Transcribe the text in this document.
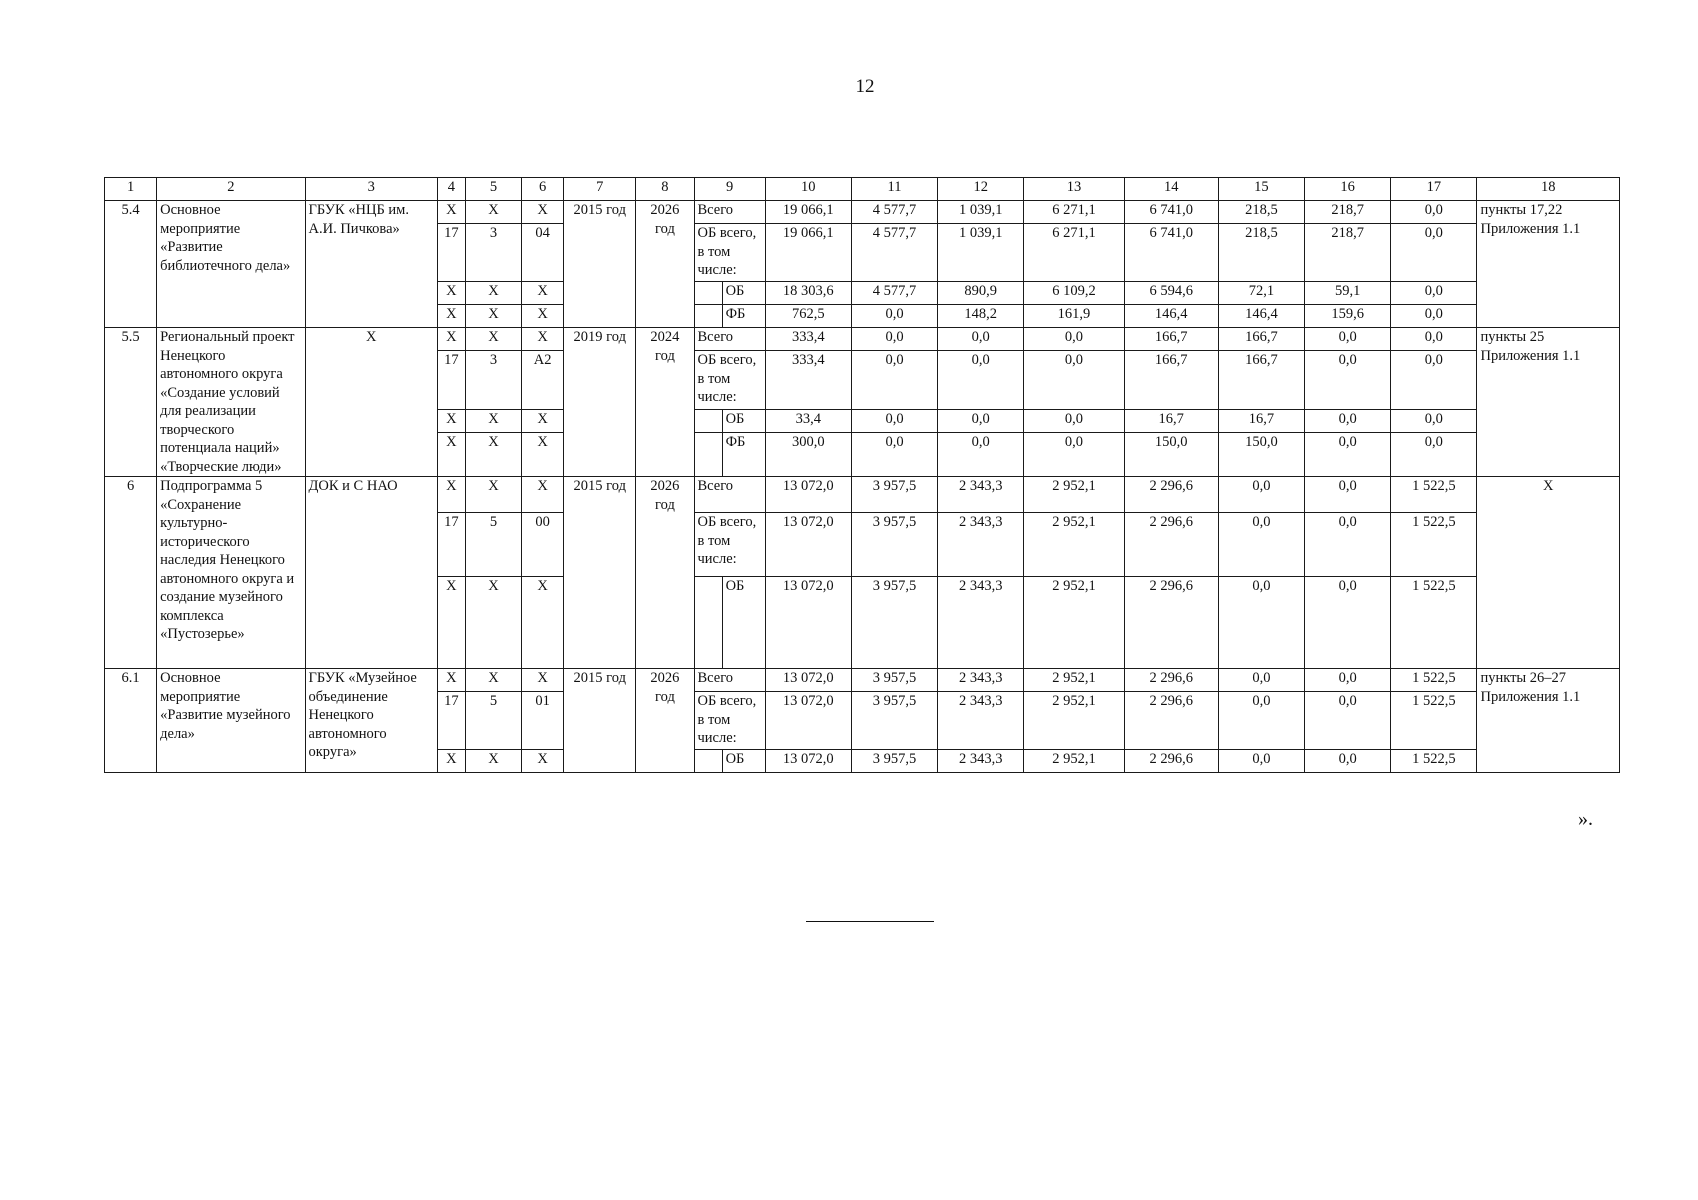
12
1	2	3	4	5	6	7	8	9		10	11	12	13	14	15	16	17	18
5.4	Основное мероприятие «Развитие библиотечного дела»	ГБУК «НЦБ им. А.И. Пичкова»	Х	Х	Х	2015 год	2026 год	Всего		19 066,1	4 577,7	1 039,1	6 271,1	6 741,0	218,5	218,7	0,0	пункты 17,22 Приложения 1.1
			17	3	04			ОБ всего, в том числе:		19 066,1	4 577,7	1 039,1	6 271,1	6 741,0	218,5	218,7	0,0	
			Х	Х	Х				ОБ	18 303,6	4 577,7	890,9	6 109,2	6 594,6	72,1	59,1	0,0	
			Х	Х	Х				ФБ	762,5	0,0	148,2	161,9	146,4	146,4	159,6	0,0	
5.5	Региональный проект Ненецкого автономного округа «Создание условий для реализации творческого потенциала наций» «Творческие люди»	Х	Х	Х	Х	2019 год	2024 год	Всего		333,4	0,0	0,0	0,0	166,7	166,7	0,0	0,0	пункты 25 Приложения 1.1
			17	3	А2			ОБ всего, в том числе:		333,4	0,0	0,0	0,0	166,7	166,7	0,0	0,0	
			Х	Х	Х				ОБ	33,4	0,0	0,0	0,0	16,7	16,7	0,0	0,0	
			Х	Х	Х				ФБ	300,0	0,0	0,0	0,0	150,0	150,0	0,0	0,0	
6	Подпрограмма 5 «Сохранение культурно-исторического наследия Ненецкого автономного округа и создание музейного комплекса «Пустозерье»	ДОК и С НАО	Х	Х	Х	2015 год	2026 год	Всего		13 072,0	3 957,5	2 343,3	2 952,1	2 296,6	0,0	0,0	1 522,5	Х
			17	5	00			ОБ всего, в том числе:		13 072,0	3 957,5	2 343,3	2 952,1	2 296,6	0,0	0,0	1 522,5	
			Х	Х	Х				ОБ	13 072,0	3 957,5	2 343,3	2 952,1	2 296,6	0,0	0,0	1 522,5	
6.1	Основное мероприятие «Развитие музейного дела»	ГБУК «Музейное объединение Ненецкого автономного округа»	Х	Х	Х	2015 год	2026 год	Всего		13 072,0	3 957,5	2 343,3	2 952,1	2 296,6	0,0	0,0	1 522,5	пункты 26–27 Приложения 1.1
			17	5	01			ОБ всего, в том числе:		13 072,0	3 957,5	2 343,3	2 952,1	2 296,6	0,0	0,0	1 522,5	
			Х	Х	Х				ОБ	13 072,0	3 957,5	2 343,3	2 952,1	2 296,6	0,0	0,0	1 522,5	
».
